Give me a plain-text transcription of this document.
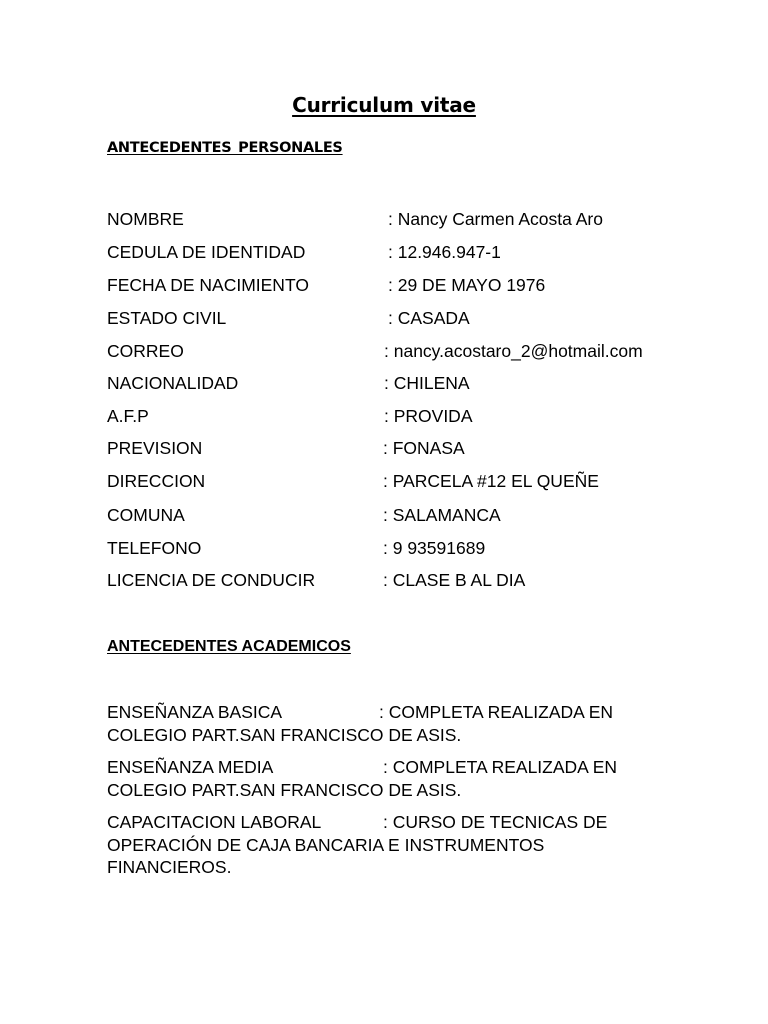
Curriculum vitae
ANTECEDENTES PERSONALES
NOMBRE	: Nancy Carmen Acosta Aro
CEDULA DE IDENTIDAD	: 12.946.947-1
FECHA DE NACIMIENTO	: 29 DE MAYO 1976
ESTADO CIVIL	: CASADA
CORREO	: nancy.acostaro_2@hotmail.com
NACIONALIDAD	: CHILENA
A.F.P	: PROVIDA
PREVISION	: FONASA
DIRECCION	: PARCELA #12 EL QUEÑE
COMUNA	: SALAMANCA
TELEFONO	: 9 93591689
LICENCIA DE CONDUCIR	: CLASE B AL DIA
ANTECEDENTES ACADEMICOS
ENSEÑANZA BASICA	: COMPLETA REALIZADA EN
COLEGIO PART.SAN FRANCISCO DE ASIS.
ENSEÑANZA MEDIA	: COMPLETA REALIZADA EN
COLEGIO PART.SAN FRANCISCO DE ASIS.
CAPACITACION LABORAL	: CURSO DE TECNICAS DE
OPERACIÓN DE CAJA BANCARIA E INSTRUMENTOS
FINANCIEROS.
